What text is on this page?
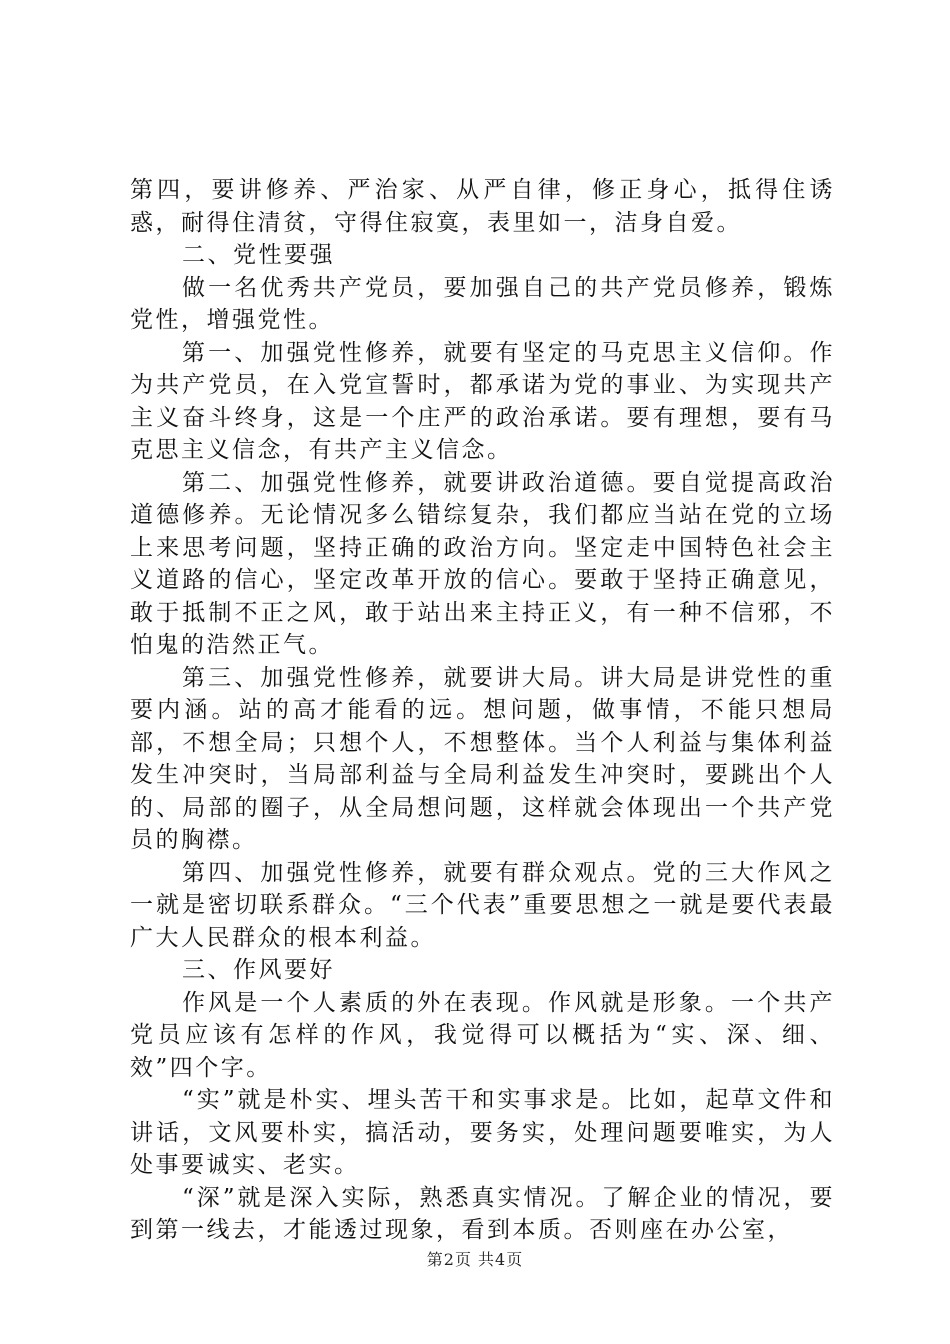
第四，要讲修养、严治家、从严自律，修正身心，抵得住诱惑，耐得住清贫，守得住寂寞，表里如一，洁身自爱。

二、党性要强

做一名优秀共产党员，要加强自己的共产党员修养，锻炼党性，增强党性。

第一、加强党性修养，就要有坚定的马克思主义信仰。作为共产党员，在入党宣誓时，都承诺为党的事业、为实现共产主义奋斗终身，这是一个庄严的政治承诺。要有理想，要有马克思主义信念，有共产主义信念。

第二、加强党性修养，就要讲政治道德。要自觉提高政治道德修养。无论情况多么错综复杂，我们都应当站在党的立场上来思考问题，坚持正确的政治方向。坚定走中国特色社会主义道路的信心，坚定改革开放的信心。要敢于坚持正确意见，敢于抵制不正之风，敢于站出来主持正义，有一种不信邪，不怕鬼的浩然正气。

第三、加强党性修养，就要讲大局。讲大局是讲党性的重要内涵。站的高才能看的远。想问题，做事情，不能只想局部，不想全局；只想个人，不想整体。当个人利益与集体利益发生冲突时，当局部利益与全局利益发生冲突时，要跳出个人的、局部的圈子，从全局想问题，这样就会体现出一个共产党员的胸襟。

第四、加强党性修养，就要有群众观点。党的三大作风之一就是密切联系群众。“三个代表”重要思想之一就是要代表最广大人民群众的根本利益。

三、作风要好

作风是一个人素质的外在表现。作风就是形象。一个共产党员应该有怎样的作风，我觉得可以概括为“实、深、细、效”四个字。

“实”就是朴实、埋头苦干和实事求是。比如，起草文件和讲话，文风要朴实，搞活动，要务实，处理问题要唯实，为人处事要诚实、老实。

“深”就是深入实际，熟悉真实情况。了解企业的情况，要到第一线去，才能透过现象，看到本质。否则座在办公室，

第2页 共4页
